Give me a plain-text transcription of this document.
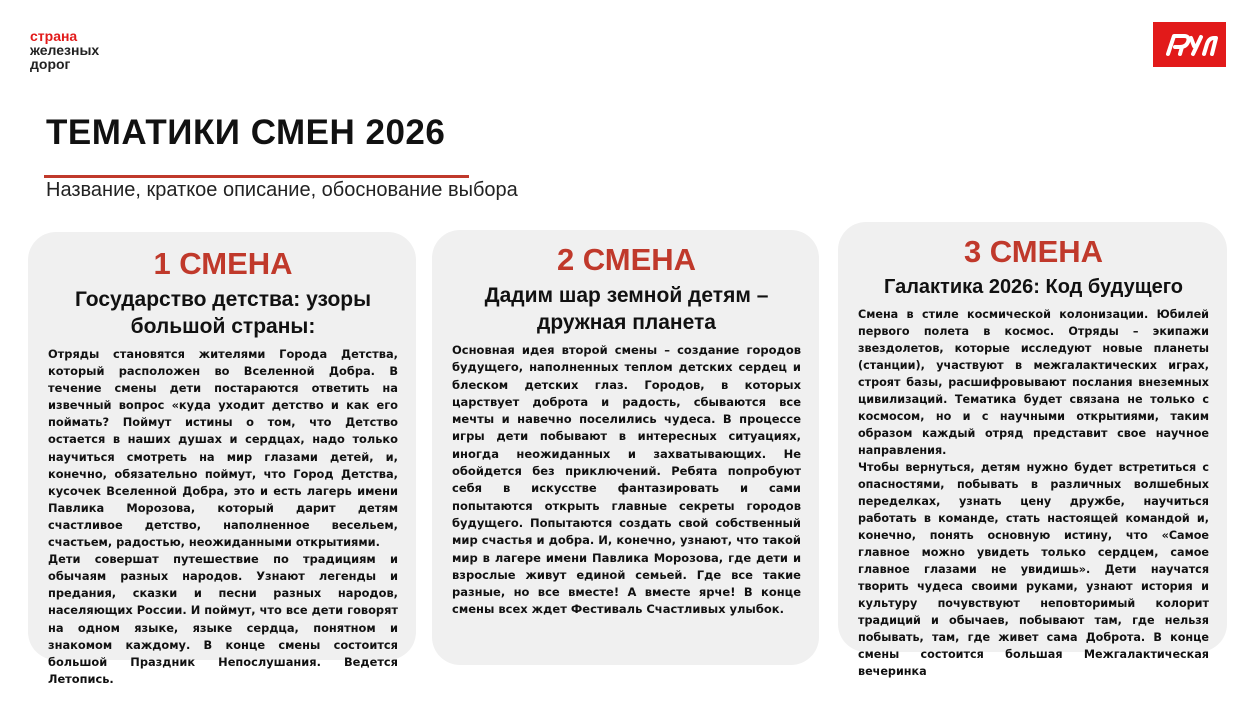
страна
железных
дорог
ТЕМАТИКИ СМЕН 2026
Название, краткое описание, обоснование выбора
1 СМЕНА
Государство детства: узоры большой страны:

Отряды становятся жителями Города Детства, который расположен во Вселенной Добра. В течение смены дети постараются ответить на извечный вопрос «куда уходит детство и как его поймать? Поймут истины о том, что Детство остается в наших душах и сердцах, надо только научиться смотреть на мир глазами детей, и, конечно, обязательно поймут, что Город Детства, кусочек Вселенной Добра, это и есть лагерь имени Павлика Морозова, который дарит детям счастливое детство, наполненное весельем, счастьем, радостью, неожиданными открытиями.

Дети совершат путешествие по традициям и обычаям разных народов. Узнают легенды и предания, сказки и песни разных народов, населяющих России. И поймут, что все дети говорят на одном языке, языке сердца, понятном и знакомом каждому. В конце смены состоится большой Праздник Непослушания. Ведется Летопись.

2 СМЕНА
Дадим шар земной детям – дружная планета

Основная идея второй смены – создание городов будущего, наполненных теплом детских сердец и блеском детских глаз. Городов, в которых царствует доброта и радость, сбываются все мечты и навечно поселились чудеса. В процессе игры дети побывают в интересных ситуациях, иногда неожиданных и захватывающих. Не обойдется без приключений. Ребята попробуют себя в искусстве фантазировать и сами попытаются открыть главные секреты городов будущего. Попытаются создать свой собственный мир счастья и добра. И, конечно, узнают, что такой мир в лагере имени Павлика Морозова, где дети и взрослые живут единой семьей. Где все такие разные, но все вместе! А вместе ярче! В конце смены всех ждет Фестиваль Счастливых улыбок.

3 СМЕНА
Галактика 2026: Код будущего

Смена в стиле космической колонизации. Юбилей первого полета в космос. Отряды – экипажи звездолетов, которые исследуют новые планеты (станции), участвуют в межгалактических играх, строят базы, расшифровывают послания внеземных цивилизаций. Тематика будет связана не только с космосом, но и с научными открытиями, таким образом каждый отряд представит свое научное направления.

Чтобы вернуться, детям нужно будет встретиться с опасностями, побывать в различных волшебных переделках, узнать цену дружбе, научиться работать в команде, стать настоящей командой и, конечно, понять основную истину, что «Самое главное можно увидеть только сердцем, самое главное глазами не увидишь». Дети научатся творить чудеса своими руками, узнают история и культуру почувствуют неповторимый колорит традиций и обычаев, побывают там, где нельзя побывать, там, где живет сама Доброта. В конце смены состоится большая Межгалактическая вечеринка
